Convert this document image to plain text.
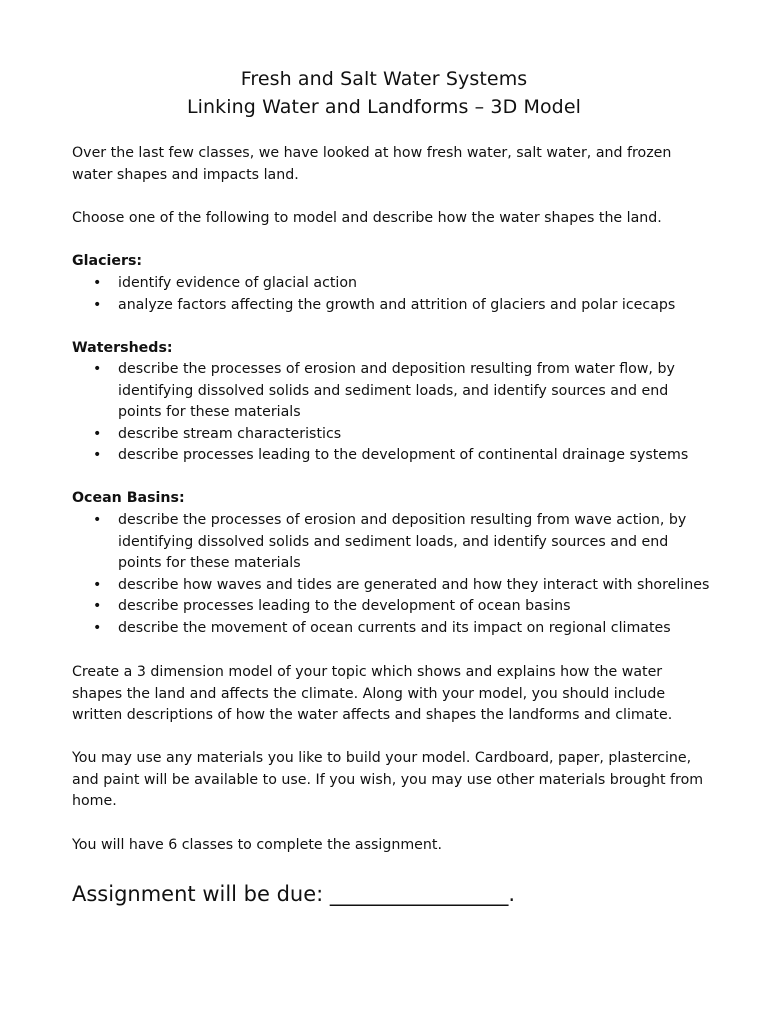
Fresh and Salt Water Systems
Linking Water and Landforms – 3D Model
Over the last few classes, we have looked at how fresh water, salt water, and frozen water shapes and impacts land.
Choose one of the following to model and describe how the water shapes the land.
Glaciers:
• identify evidence of glacial action
• analyze factors affecting the growth and attrition of glaciers and polar icecaps
Watersheds:
• describe the processes of erosion and deposition resulting from water flow, by identifying dissolved solids and sediment loads, and identify sources and end points for these materials
• describe stream characteristics
• describe processes leading to the development of continental drainage systems
Ocean Basins:
• describe the processes of erosion and deposition resulting from wave action, by identifying dissolved solids and sediment loads, and identify sources and end points for these materials
• describe how waves and tides are generated and how they interact with shorelines
• describe processes leading to the development of ocean basins
• describe the movement of ocean currents and its impact on regional climates
Create a 3 dimension model of your topic which shows and explains how the water shapes the land and affects the climate. Along with your model, you should include written descriptions of how the water affects and shapes the landforms and climate.
You may use any materials you like to build your model. Cardboard, paper, plastercine, and paint will be available to use. If you wish, you may use other materials brought from home.
You will have 6 classes to complete the assignment.
Assignment will be due: _________________.
